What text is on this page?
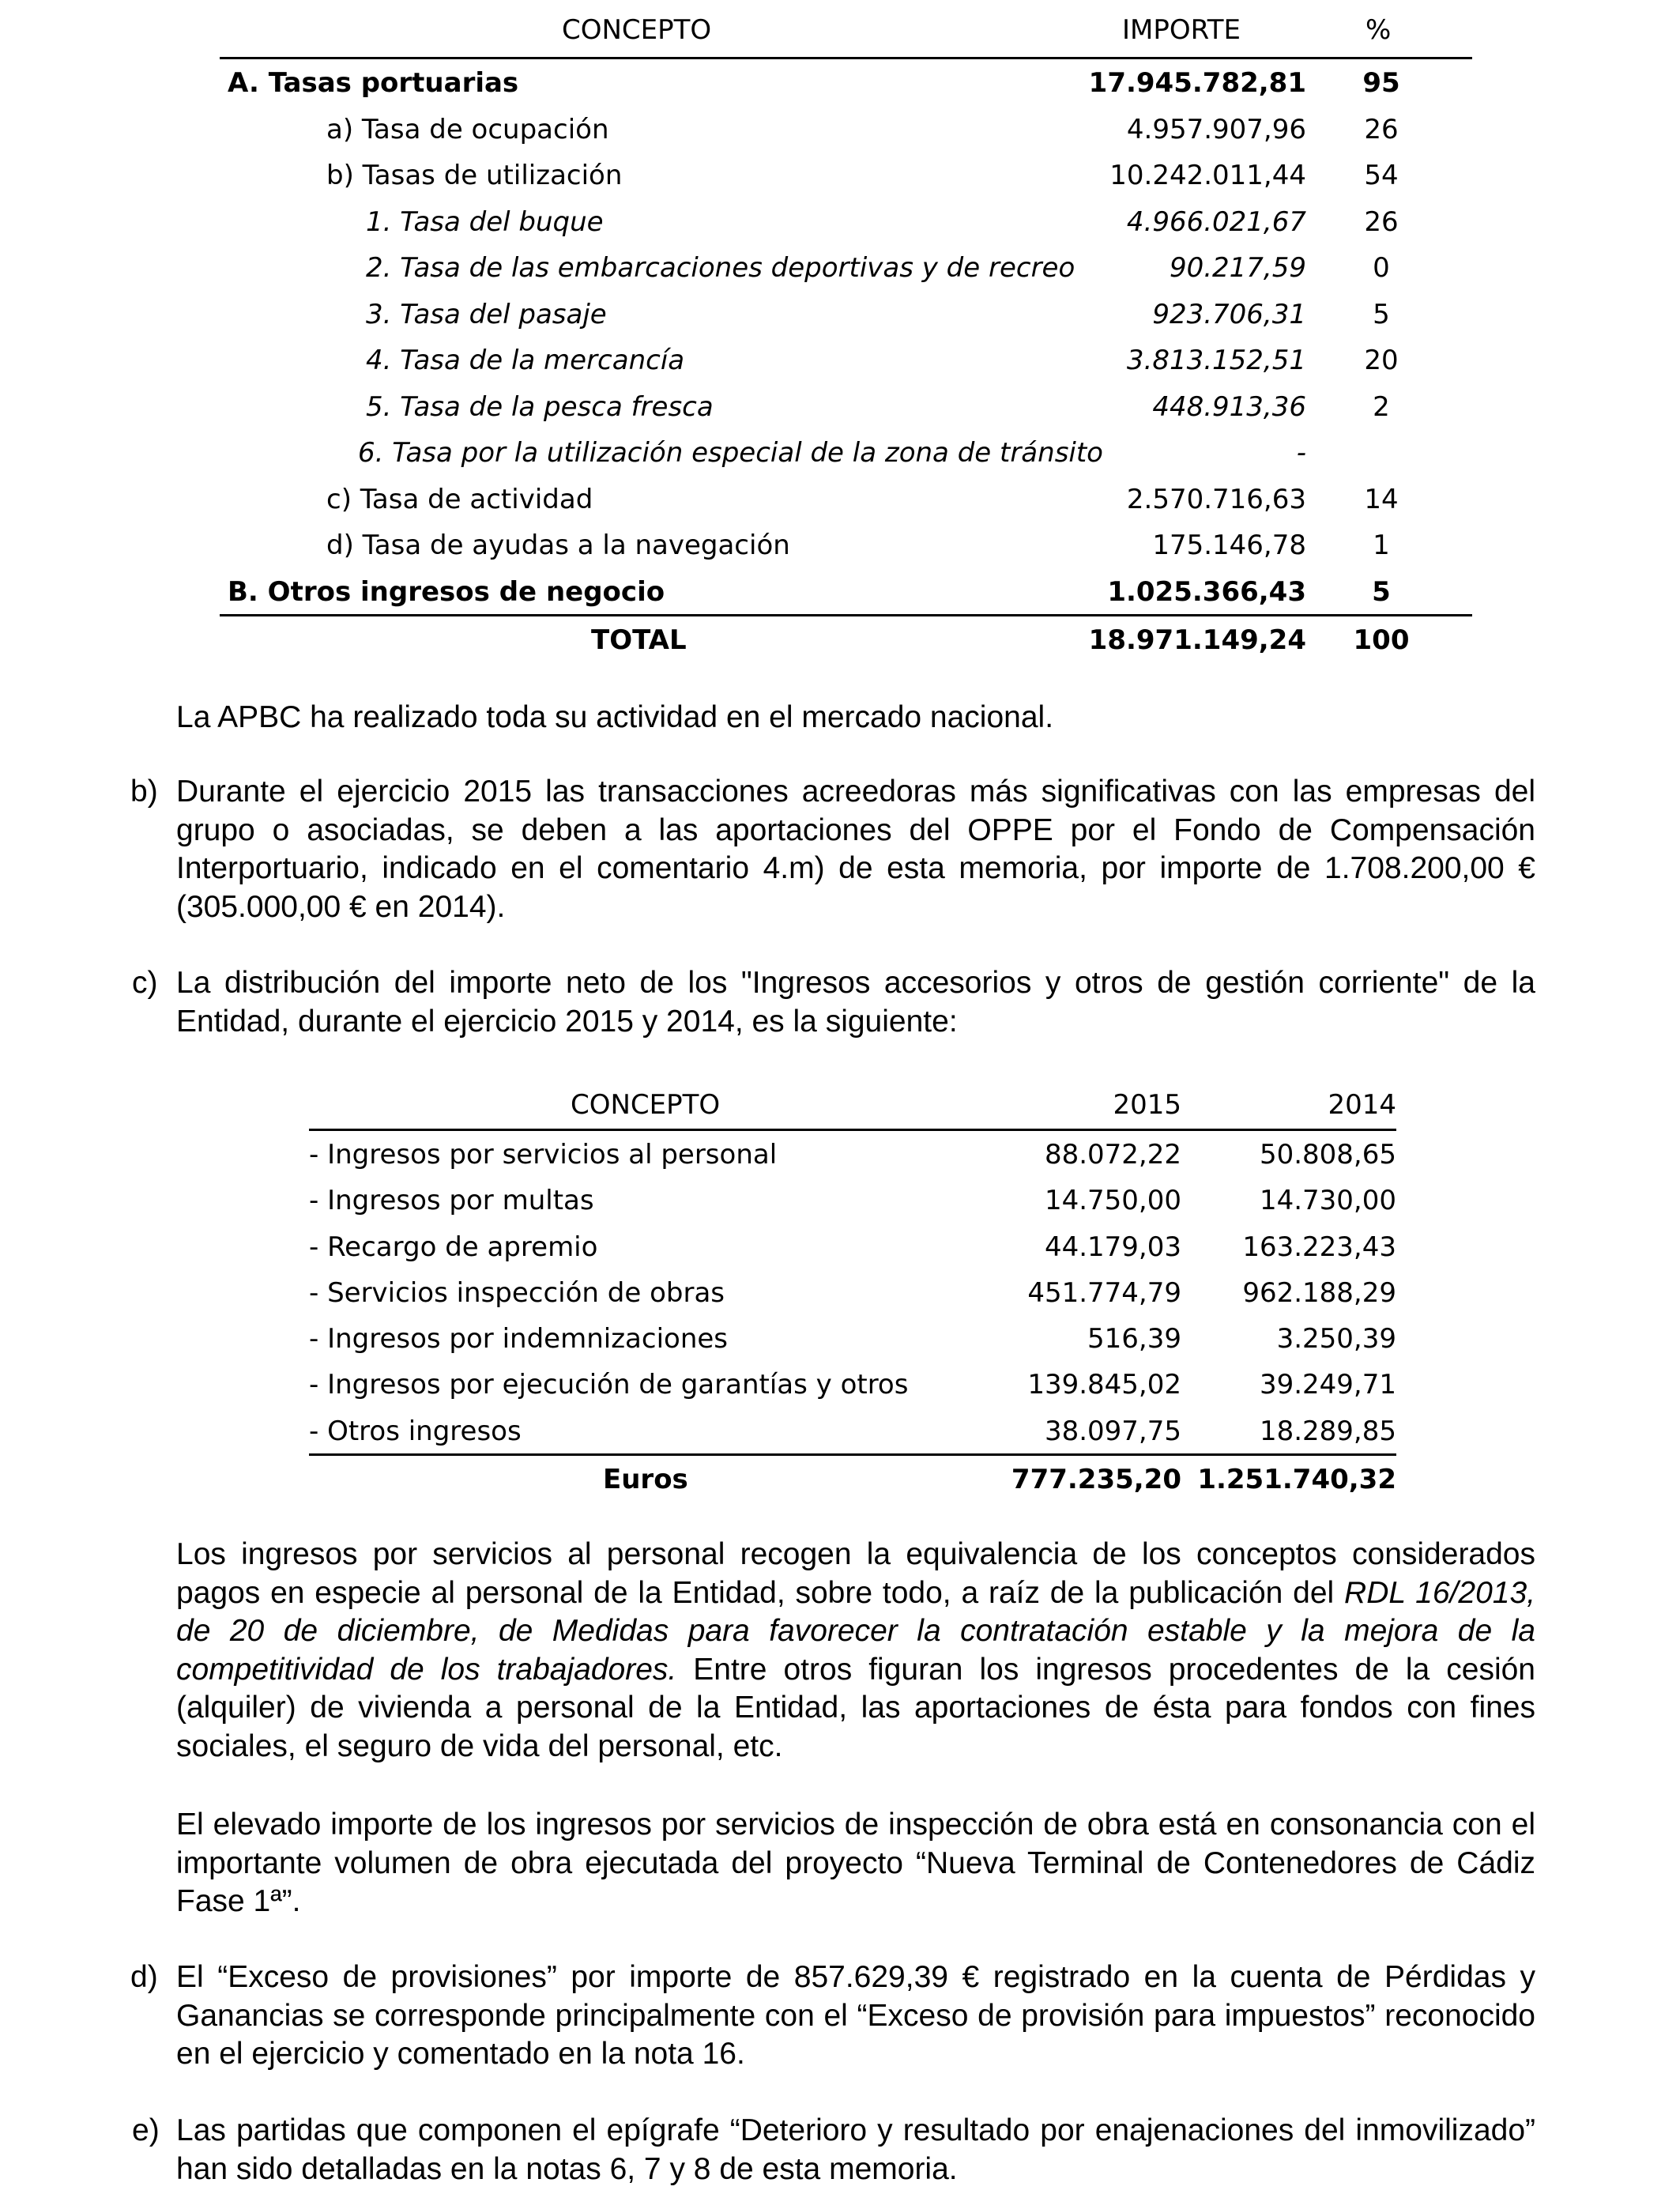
CONCEPTO	IMPORTE	%
A. Tasas portuarias	17.945.782,81	95
a) Tasa de ocupación	4.957.907,96	26
b) Tasas de utilización	10.242.011,44	54
1. Tasa del buque	4.966.021,67	26
2. Tasa de las embarcaciones deportivas y de recreo	90.217,59	0
3. Tasa del pasaje	923.706,31	5
4. Tasa de la mercancía	3.813.152,51	20
5. Tasa de la pesca fresca	448.913,36	2
6. Tasa por la utilización especial de la zona de tránsito	-
c) Tasa de actividad	2.570.716,63	14
d) Tasa de ayudas a la navegación	175.146,78	1
B. Otros ingresos de negocio	1.025.366,43	5
TOTAL	18.971.149,24	100
La APBC ha realizado toda su actividad en el mercado nacional.
b) Durante el ejercicio 2015 las transacciones acreedoras más significativas con las empresas del grupo o asociadas, se deben a las aportaciones del OPPE por el Fondo de Compensación Interportuario, indicado en el comentario 4.m) de esta memoria, por importe de 1.708.200,00 € (305.000,00 € en 2014).
c) La distribución del importe neto de los "Ingresos accesorios y otros de gestión corriente" de la Entidad, durante el ejercicio 2015 y 2014, es la siguiente:
CONCEPTO	2015	2014
- Ingresos por servicios al personal	88.072,22	50.808,65
- Ingresos por multas	14.750,00	14.730,00
- Recargo de apremio	44.179,03 163.223,43
- Servicios inspección de obras	451.774,79 962.188,29
- Ingresos por indemnizaciones	516,39	3.250,39
- Ingresos por ejecución de garantías y otros	139.845,02	39.249,71
- Otros ingresos	38.097,75	18.289,85
Euros	777.235,20 1.251.740,32
Los ingresos por servicios al personal recogen la equivalencia de los conceptos considerados pagos en especie al personal de la Entidad, sobre todo, a raíz de la publicación del RDL 16/2013, de 20 de diciembre, de Medidas para favorecer la contratación estable y la mejora de la competitividad de los trabajadores. Entre otros figuran los ingresos procedentes de la cesión (alquiler) de vivienda a personal de la Entidad, las aportaciones de ésta para fondos con fines sociales, el seguro de vida del personal, etc.
El elevado importe de los ingresos por servicios de inspección de obra está en consonancia con el importante volumen de obra ejecutada del proyecto “Nueva Terminal de Contenedores de Cádiz Fase 1ª”.
d) El “Exceso de provisiones” por importe de 857.629,39 € registrado en la cuenta de Pérdidas y Ganancias se corresponde principalmente con el “Exceso de provisión para impuestos” reconocido en el ejercicio y comentado en la nota 16.
e) Las partidas que componen el epígrafe “Deterioro y resultado por enajenaciones del inmovilizado” han sido detalladas en la notas 6, 7 y 8 de esta memoria.
